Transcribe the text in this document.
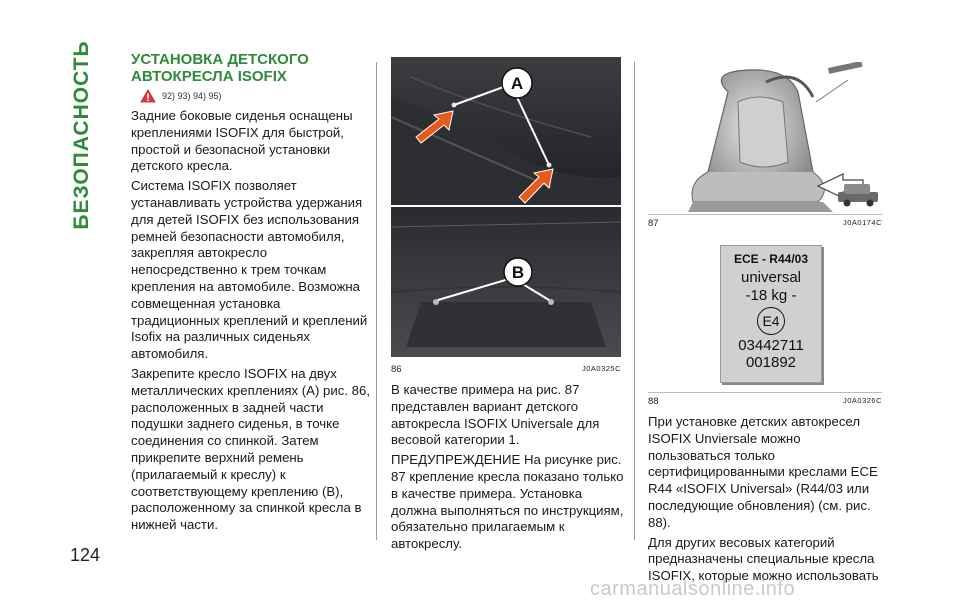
БЕЗОПАСНОСТЬ
124
УСТАНОВКА ДЕТСКОГО АВТОКРЕСЛА ISOFIX
92) 93) 94) 95)

Задние боковые сиденья оснащены креплениями ISOFIX для быстрой, простой и безопасной установки детского кресла.

Система ISOFIX позволяет устанавливать устройства удержания для детей ISOFIX без использования ремней безопасности автомобиля, закрепляя автокресло непосредственно к трем точкам крепления на автомобиле. Возможна совмещенная установка традиционных креплений и креплений Isofix на различных сиденьях автомобиля.

Закрепите кресло ISOFIX на двух металлических креплениях (A) рис. 86, расположенных в задней части подушки заднего сиденья, в точке соединения со спинкой. Затем прикрепите верхний ремень (прилагаемый к креслу) к соответствующему креплению (B), расположенному за спинкой кресла в нижней части.

A
B
86	J0A0325C

В качестве примера на рис. 87 представлен вариант детского автокресла ISOFIX Universale для весовой категории 1.

ПРЕДУПРЕЖДЕНИЕ На рисунке рис. 87 крепление кресла показано только в качестве примера. Установка должна выполняться по инструкциям, обязательно прилагаемым к автокреслу.

87	J0A0174C
ECE - R44/03
universal
-18 kg -
E4
03442711
001892
88	J0A0326C

При установке детских автокресел ISOFIX Unviersale можно пользоваться только сертифицированными креслами ECE R44 «ISOFIX Universal» (R44/03 или последующие обновления) (см. рис. 88).

Для других весовых категорий предназначены специальные кресла ISOFIX, которые можно использовать

carmanualsonline.info
